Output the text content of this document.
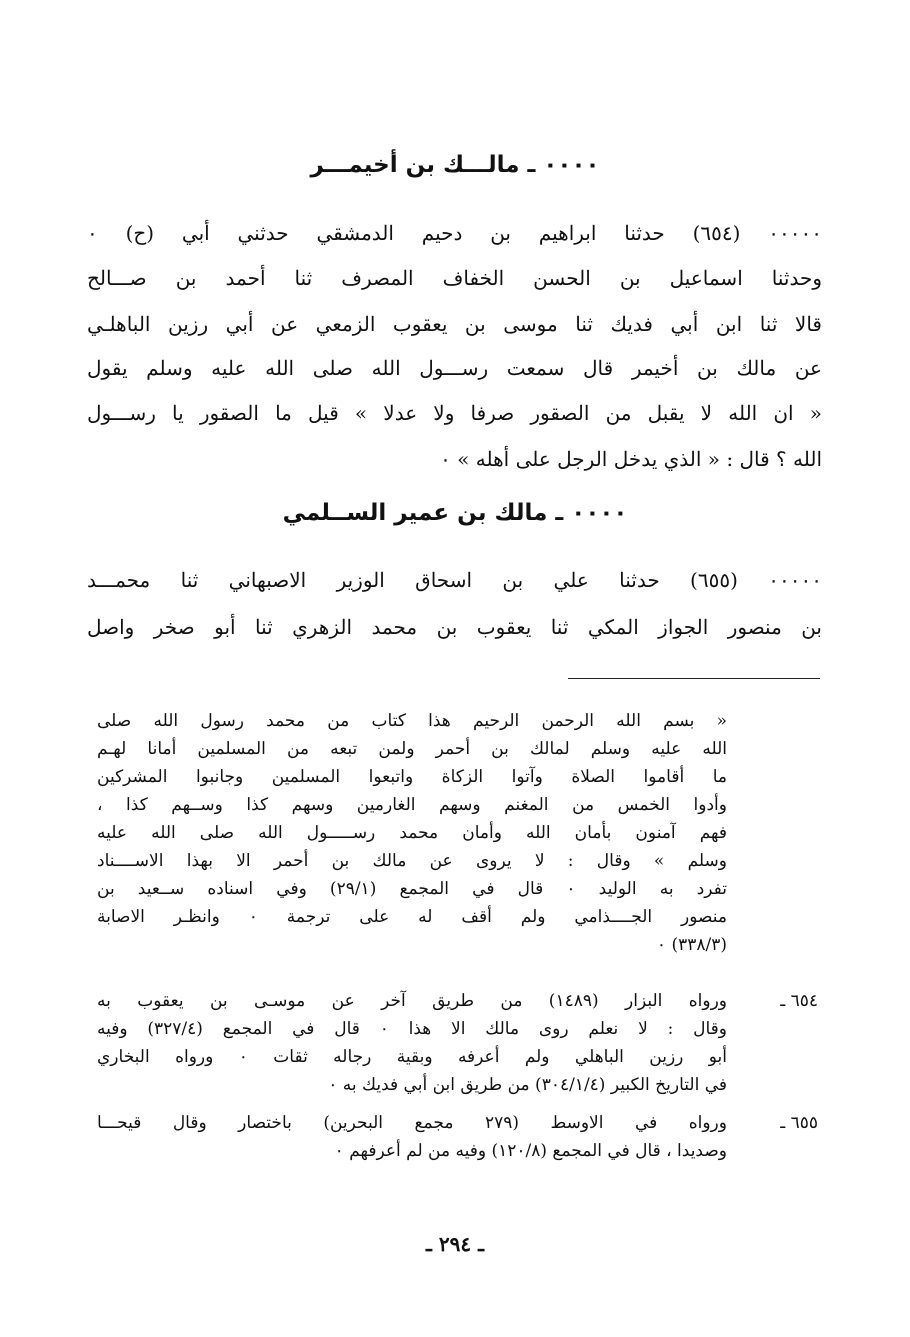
٠٠٠٠ ـ مالـــك بن أخيمـــر
٠٠٠٠٠ (٦٥٤) حدثنا ابراهيم بن دحيم الدمشقي حدثني أبي (ح) ٠
وحدثنا اسماعيل بن الحسن الخفاف المصرف ثنا أحمد بن صـــالح
قالا ثنا ابن أبي فديك ثنا موسى بن يعقوب الزمعي عن أبي رزين الباهلـي
عن مالك بن أخيمر قال سمعت رســـول الله صلى الله عليه وسلم يقول
« ان الله لا يقبل من الصقور صرفا ولا عدلا » قيل ما الصقور يا رســـول
الله ؟ قال : « الذي يدخل الرجل على أهله » ٠
٠٠٠٠ ـ مالك بن عمير الســلمي
٠٠٠٠٠ (٦٥٥) حدثنا علي بن اسحاق الوزير الاصبهاني ثنا محمـــد
بن منصور الجواز المكي ثنا يعقوب بن محمد الزهري ثنا أبو صخر واصل
« بسم الله الرحمن الرحيم هذا كتاب من محمد رسول الله صلى
الله عليه وسلم لمالك بن أحمر ولمن تبعه من المسلمين أمانا لهـم
ما أقاموا الصلاة وآتوا الزكاة واتبعوا المسلمين وجانبوا المشركين
وأدوا الخمس من المغنم وسهم الغارمين وسهم كذا وســهم كذا ،
فهم آمنون بأمان الله وأمان محمد رســـــول الله صلى الله عليه
وسلم » وقال : لا يروى عن مالك بن أحمر الا بهذا الاســــناد
تفرد به الوليد ٠ قال في المجمع (٢٩/١) وفي اسناده ســعيد بن
منصور الجــــذامي ولم أقف له على ترجمة ٠ وانظـر الاصابة
(٣٣٨/٣) ٠
٦٥٤ ـ
ورواه البزار (١٤٨٩) من طريق آخر عن موسـى بن يعقوب به
وقال : لا نعلم روى مالك الا هذا ٠ قال في المجمع (٣٢٧/٤) وفيه
أبو رزين الباهلي ولم أعرفه وبقية رجاله ثقات ٠ ورواه البخاري
في التاريخ الكبير (٣٠٤/١/٤) من طريق ابن أبي فديك به ٠
٦٥٥ ـ
ورواه في الاوسط (٢٧٩ مجمع البحرين) باختصار وقال قيحـــا
وصديدا ، قال في المجمع (١٢٠/٨) وفيه من لم أعرفهم ٠
ـ ٢٩٤ ـ
